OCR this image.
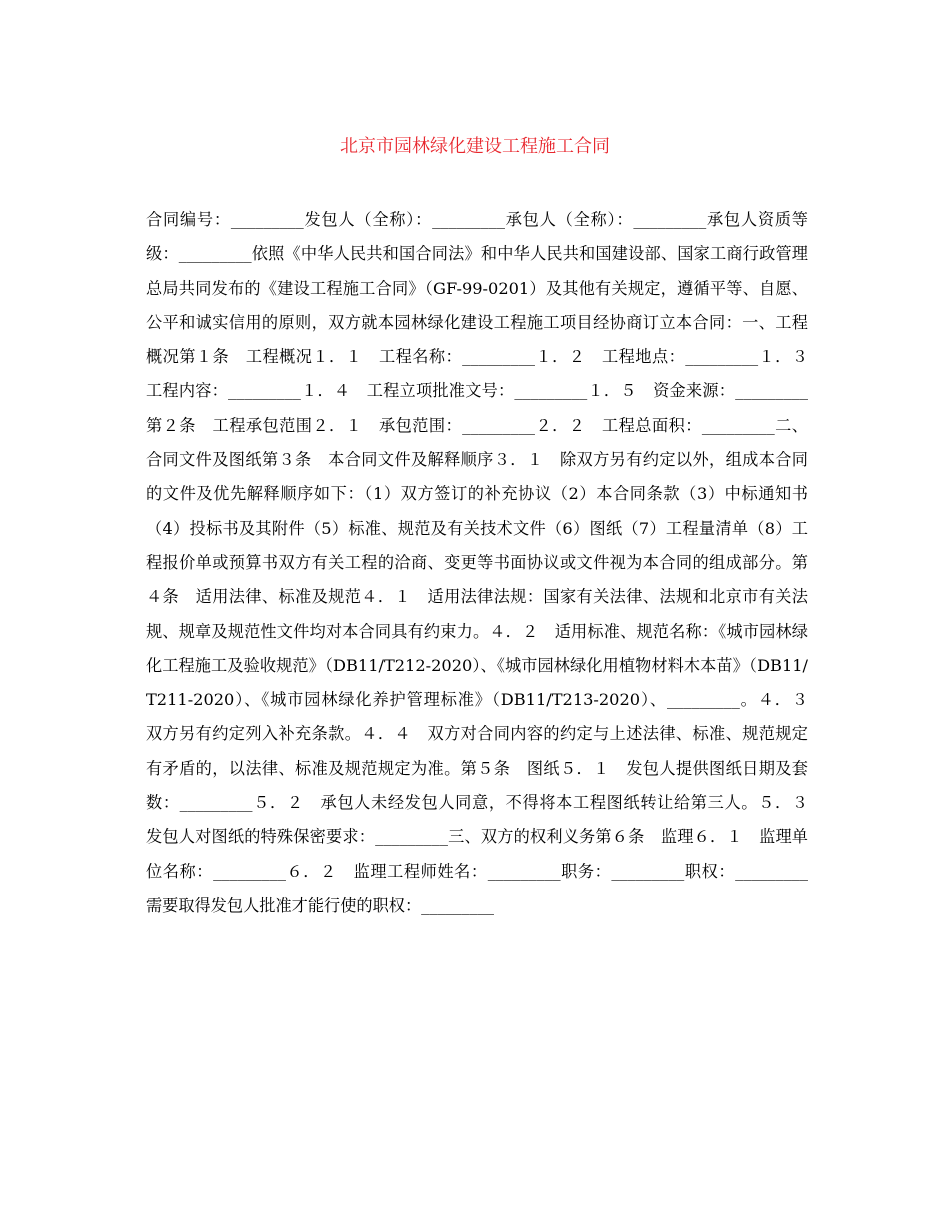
北京市园林绿化建设工程施工合同

合同编号：_________发包人（全称）：_________承包人（全称）：_________承包人资质等级：_________依照《中华人民共和国合同法》和中华人民共和国建设部、国家工商行政管理总局共同发布的《建设工程施工合同》（GF-99-0201）及其他有关规定，遵循平等、自愿、公平和诚实信用的原则，双方就本园林绿化建设工程施工项目经协商订立本合同：一、工程概况第１条　工程概况１．１　工程名称：_________１．２　工程地点：_________１．３　工程内容：_________１．４　工程立项批准文号：_________１．５　资金来源：_________第２条　工程承包范围２．１　承包范围：_________２．２　工程总面积：_________二、合同文件及图纸第３条　本合同文件及解释顺序３．１　除双方另有约定以外，组成本合同的文件及优先解释顺序如下：（1）双方签订的补充协议（2）本合同条款（3）中标通知书（4）投标书及其附件（5）标准、规范及有关技术文件（6）图纸（7）工程量清单（8）工程报价单或预算书双方有关工程的洽商、变更等书面协议或文件视为本合同的组成部分。第４条　适用法律、标准及规范４．１　适用法律法规：国家有关法律、法规和北京市有关法规、规章及规范性文件均对本合同具有约束力。４．２　适用标准、规范名称：《城市园林绿化工程施工及验收规范》（DB11/T212-2020）、《城市园林绿化用植物材料木本苗》（DB11/T211-2020）、《城市园林绿化养护管理标准》（DB11/T213-2020）、_________。４．３　双方另有约定列入补充条款。４．４　双方对合同内容的约定与上述法律、标准、规范规定有矛盾的，以法律、标准及规范规定为准。第５条　图纸５．１　发包人提供图纸日期及套数：_________５．２　承包人未经发包人同意，不得将本工程图纸转让给第三人。５．３　发包人对图纸的特殊保密要求：_________三、双方的权利义务第６条　监理６．１　监理单位名称：_________６．２　监理工程师姓名：_________职务：_________职权：_________需要取得发包人批准才能行使的职权：_________
